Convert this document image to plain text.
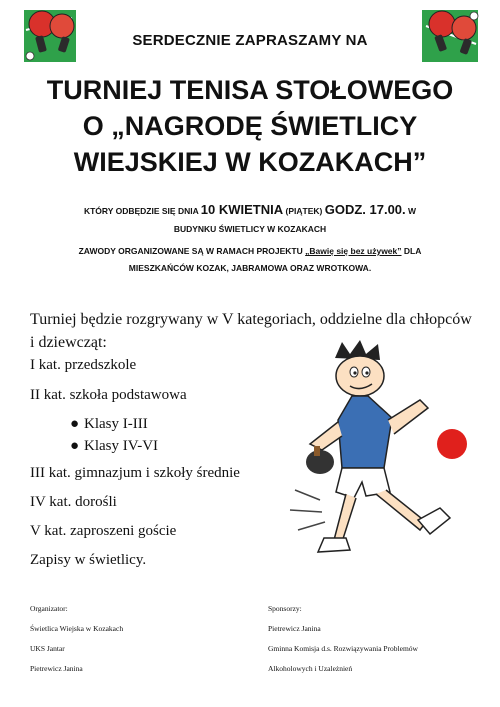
SERDECZNIE ZAPRASZAMY NA
TURNIEJ TENISA STOŁOWEGO
O „NAGRODĘ ŚWIETLICY
WIEJSKIEJ W KOZAKACH”
KTÓRY ODBĘDZIE SIĘ DNIA 10 KWIETNIA (PIĄTEK) GODZ. 17.00. W
BUDYNKU ŚWIETLICY W KOZAKACH
ZAWODY ORGANIZOWANE SĄ W RAMACH PROJEKTU „Bawię się bez używek” DLA
MIESZKAŃCÓW KOZAK, JABRAMOWA ORAZ WROTKOWA.
Turniej będzie rozgrywany w V kategoriach, oddzielne dla chłopców i dziewcząt:
I kat. przedszkole
II kat. szkoła podstawowa
● Klasy I-III
● Klasy IV-VI
III kat. gimnazjum i szkoły średnie
IV kat. dorośli
V kat. zaproszeni goście
Zapisy w świetlicy.
Organizator:
Świetlica Wiejska w Kozakach
UKS Jantar
Pietrewicz Janina
Sponsorzy:
Pietrewicz Janina
Gminna Komisja d.s. Rozwiązywania Problemów
Alkoholowych i Uzależnień
